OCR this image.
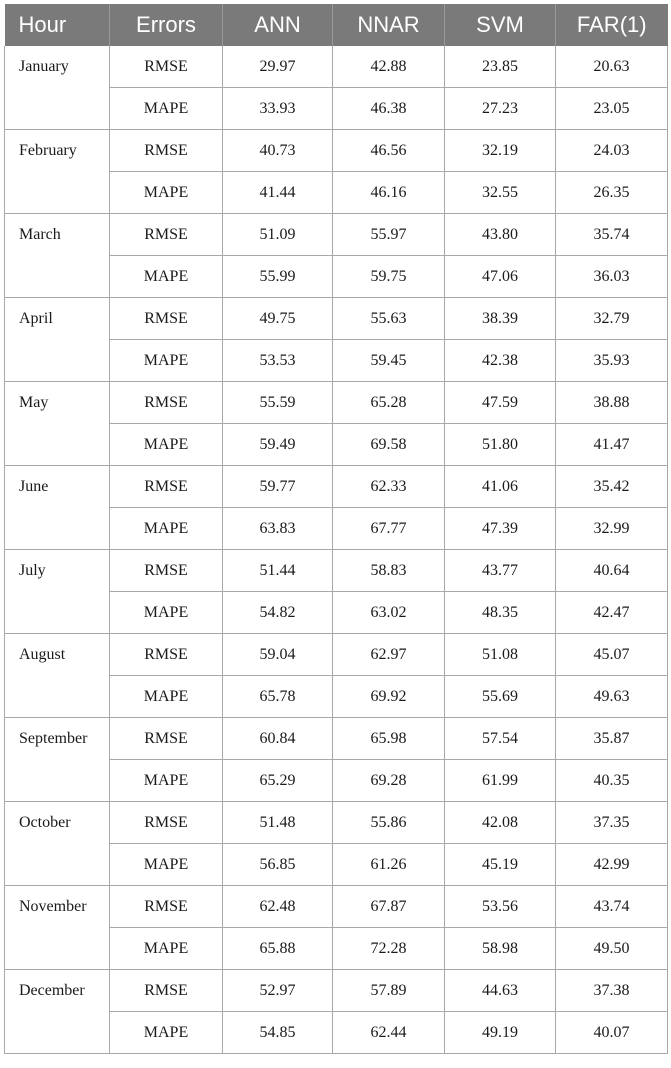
Hour	Errors	ANN	NNAR	SVM	FAR(1)
January	RMSE	29.97	42.88	23.85	20.63
	MAPE	33.93	46.38	27.23	23.05
February	RMSE	40.73	46.56	32.19	24.03
	MAPE	41.44	46.16	32.55	26.35
March	RMSE	51.09	55.97	43.80	35.74
	MAPE	55.99	59.75	47.06	36.03
April	RMSE	49.75	55.63	38.39	32.79
	MAPE	53.53	59.45	42.38	35.93
May	RMSE	55.59	65.28	47.59	38.88
	MAPE	59.49	69.58	51.80	41.47
June	RMSE	59.77	62.33	41.06	35.42
	MAPE	63.83	67.77	47.39	32.99
July	RMSE	51.44	58.83	43.77	40.64
	MAPE	54.82	63.02	48.35	42.47
August	RMSE	59.04	62.97	51.08	45.07
	MAPE	65.78	69.92	55.69	49.63
September	RMSE	60.84	65.98	57.54	35.87
	MAPE	65.29	69.28	61.99	40.35
October	RMSE	51.48	55.86	42.08	37.35
	MAPE	56.85	61.26	45.19	42.99
November	RMSE	62.48	67.87	53.56	43.74
	MAPE	65.88	72.28	58.98	49.50
December	RMSE	52.97	57.89	44.63	37.38
	MAPE	54.85	62.44	49.19	40.07
